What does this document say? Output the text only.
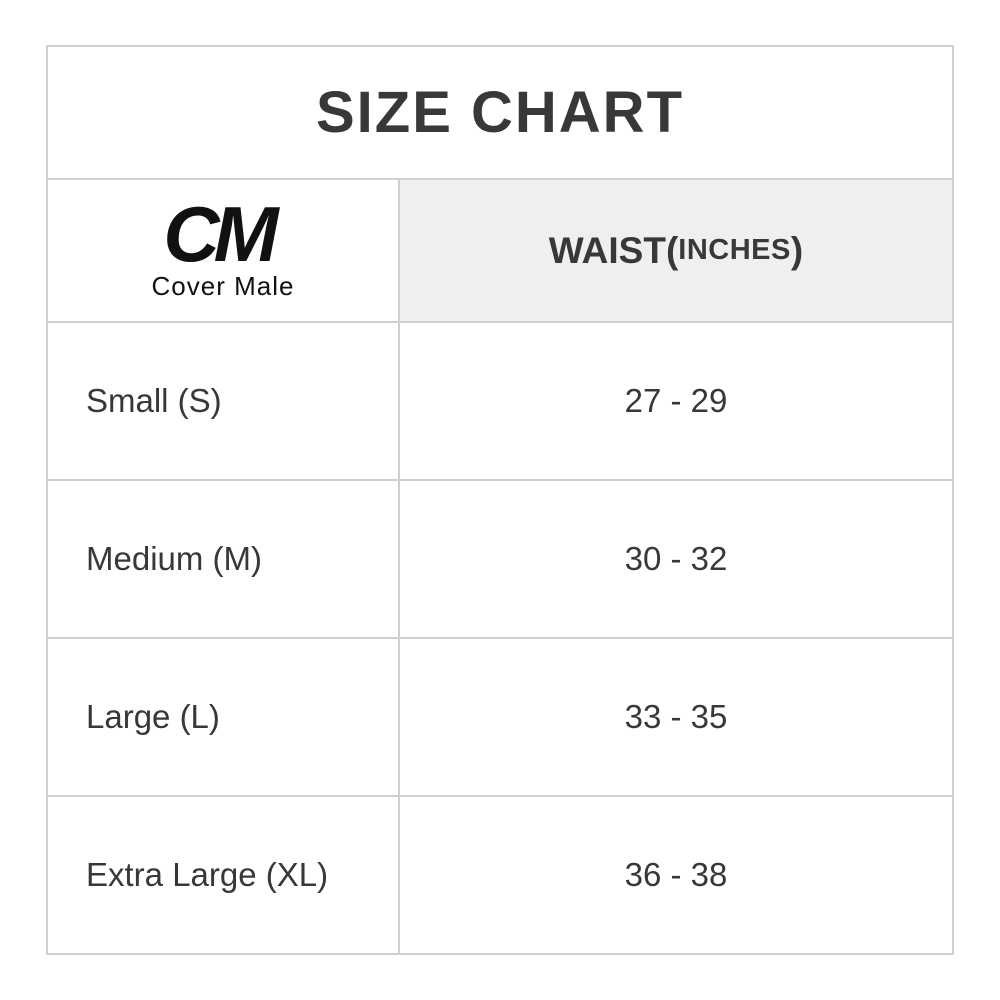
SIZE CHART
CM
Cover Male
WAIST ( INCHES )
Small (S)	27 - 29
Medium (M)	30 - 32
Large (L)	33 - 35
Extra Large (XL)	36 - 38
